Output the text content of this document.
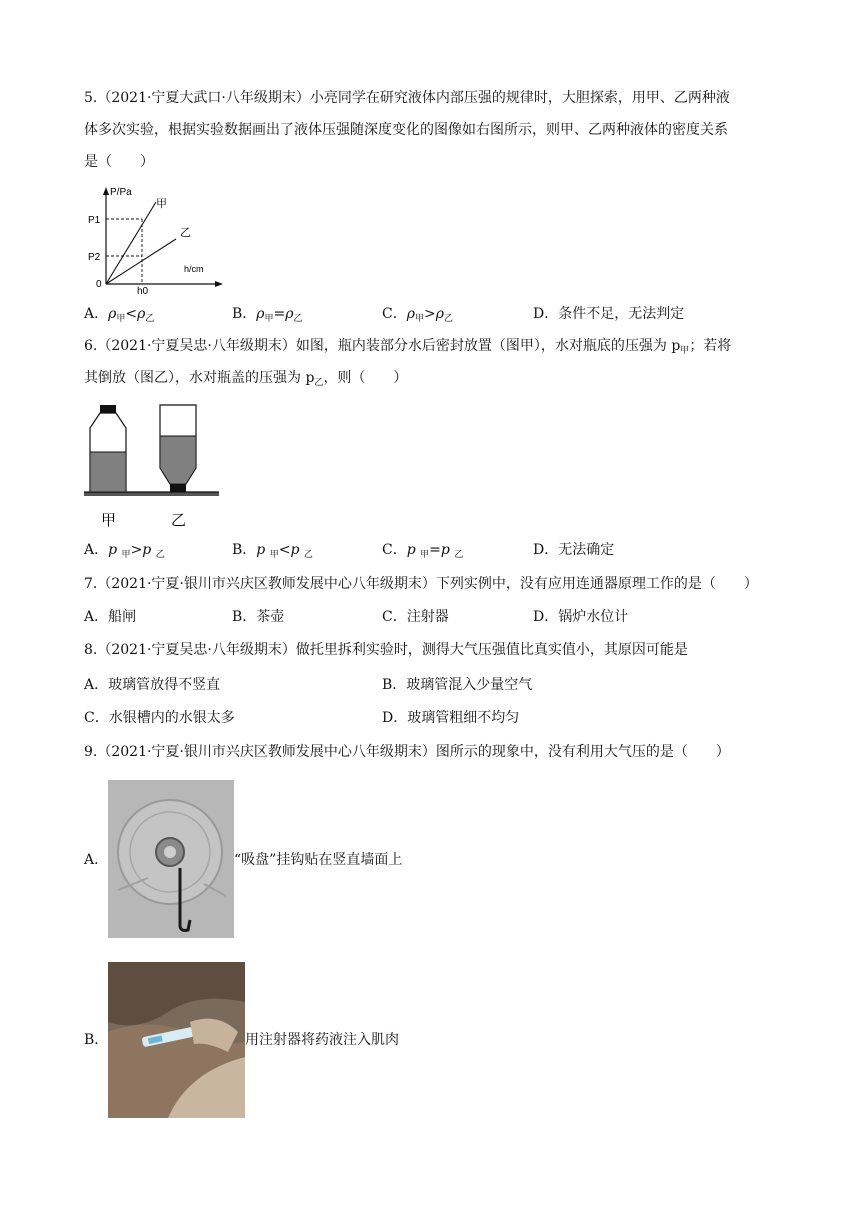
5.（2021·宁夏大武口·八年级期末）小亮同学在研究液体内部压强的规律时，大胆探索，用甲、乙两种液
体多次实验，根据实验数据画出了液体压强随深度变化的图像如右图所示，则甲、乙两种液体的密度关系
是（　　）
P/Pa
h/cm
P1
P2
0
h0
甲
乙
A．$\rho_甲<\rho_乙$	B．$\rho_甲=\rho_乙$	C．$\rho_甲>\rho_乙$	D．条件不足，无法判定
6.（2021·宁夏吴忠·八年级期末）如图，瓶内装部分水后密封放置（图甲），水对瓶底的压强为 $p_甲$；若将
其倒放（图乙），水对瓶盖的压强为 $p_乙$，则（　　）
甲	乙
A．p $_甲$>p $_乙$	B．p $_甲$<p $_乙$	C．p $_甲$=p $_乙$	D．无法确定
7.（2021·宁夏·银川市兴庆区教师发展中心八年级期末）下列实例中，没有应用连通器原理工作的是（　　）
A．船闸	B．茶壶	C．注射器	D．锅炉水位计
8.（2021·宁夏吴忠·八年级期末）做托里拆利实验时，测得大气压强值比真实值小，其原因可能是
A．玻璃管放得不竖直	B．玻璃管混入少量空气
C．水银槽内的水银太多	D．玻璃管粗细不均匀
9.（2021·宁夏·银川市兴庆区教师发展中心八年级期末）图所示的现象中，没有利用大气压的是（　　）
A．	“吸盘”挂钩贴在竖直墙面上
B．	用注射器将药液注入肌肉
